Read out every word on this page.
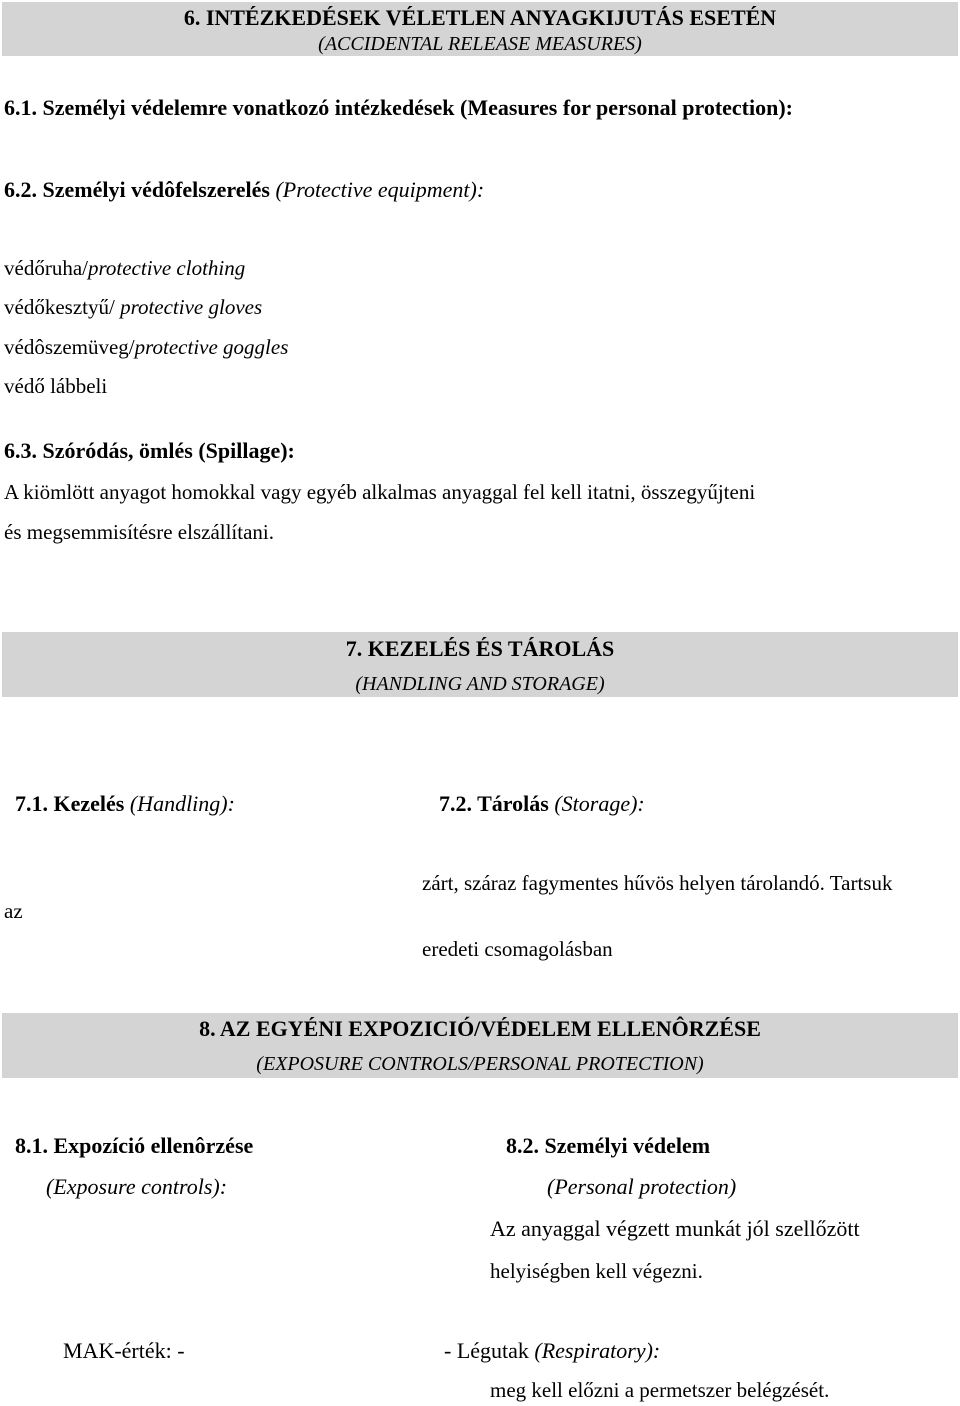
6. INTÉZKEDÉSEK VÉLETLEN ANYAGKIJUTÁS ESETÉN
(ACCIDENTAL RELEASE MEASURES)
6.1. Személyi védelemre vonatkozó intézkedések (Measures for personal protection):
6.2. Személyi védôfelszerelés (Protective equipment):
védőruha/protective clothing
védőkesztyű/ protective gloves
védôszemüveg/protective goggles
védő lábbeli
6.3. Szóródás, ömlés (Spillage):
A kiömlött anyagot homokkal vagy egyéb alkalmas anyaggal fel kell itatni, összegyűjteni
és megsemmisítésre elszállítani.
7. KEZELÉS ÉS TÁROLÁS
(HANDLING AND STORAGE)
7.1. Kezelés (Handling):	7.2. Tárolás (Storage):
az
zárt, száraz fagymentes hűvös helyen tárolandó. Tartsuk
eredeti csomagolásban
8. AZ EGYÉNI EXPOZICIÓ/VÉDELEM ELLENÔRZÉSE
(EXPOSURE CONTROLS/PERSONAL PROTECTION)
8.1. Expozíció ellenôrzése
(Exposure controls):
8.2. Személyi védelem
(Personal protection)
Az anyaggal végzett munkát jól szellőzött
helyiségben kell végezni.
MAK-érték: -	- Légutak (Respiratory):
meg kell előzni a permetszer belégzését.
